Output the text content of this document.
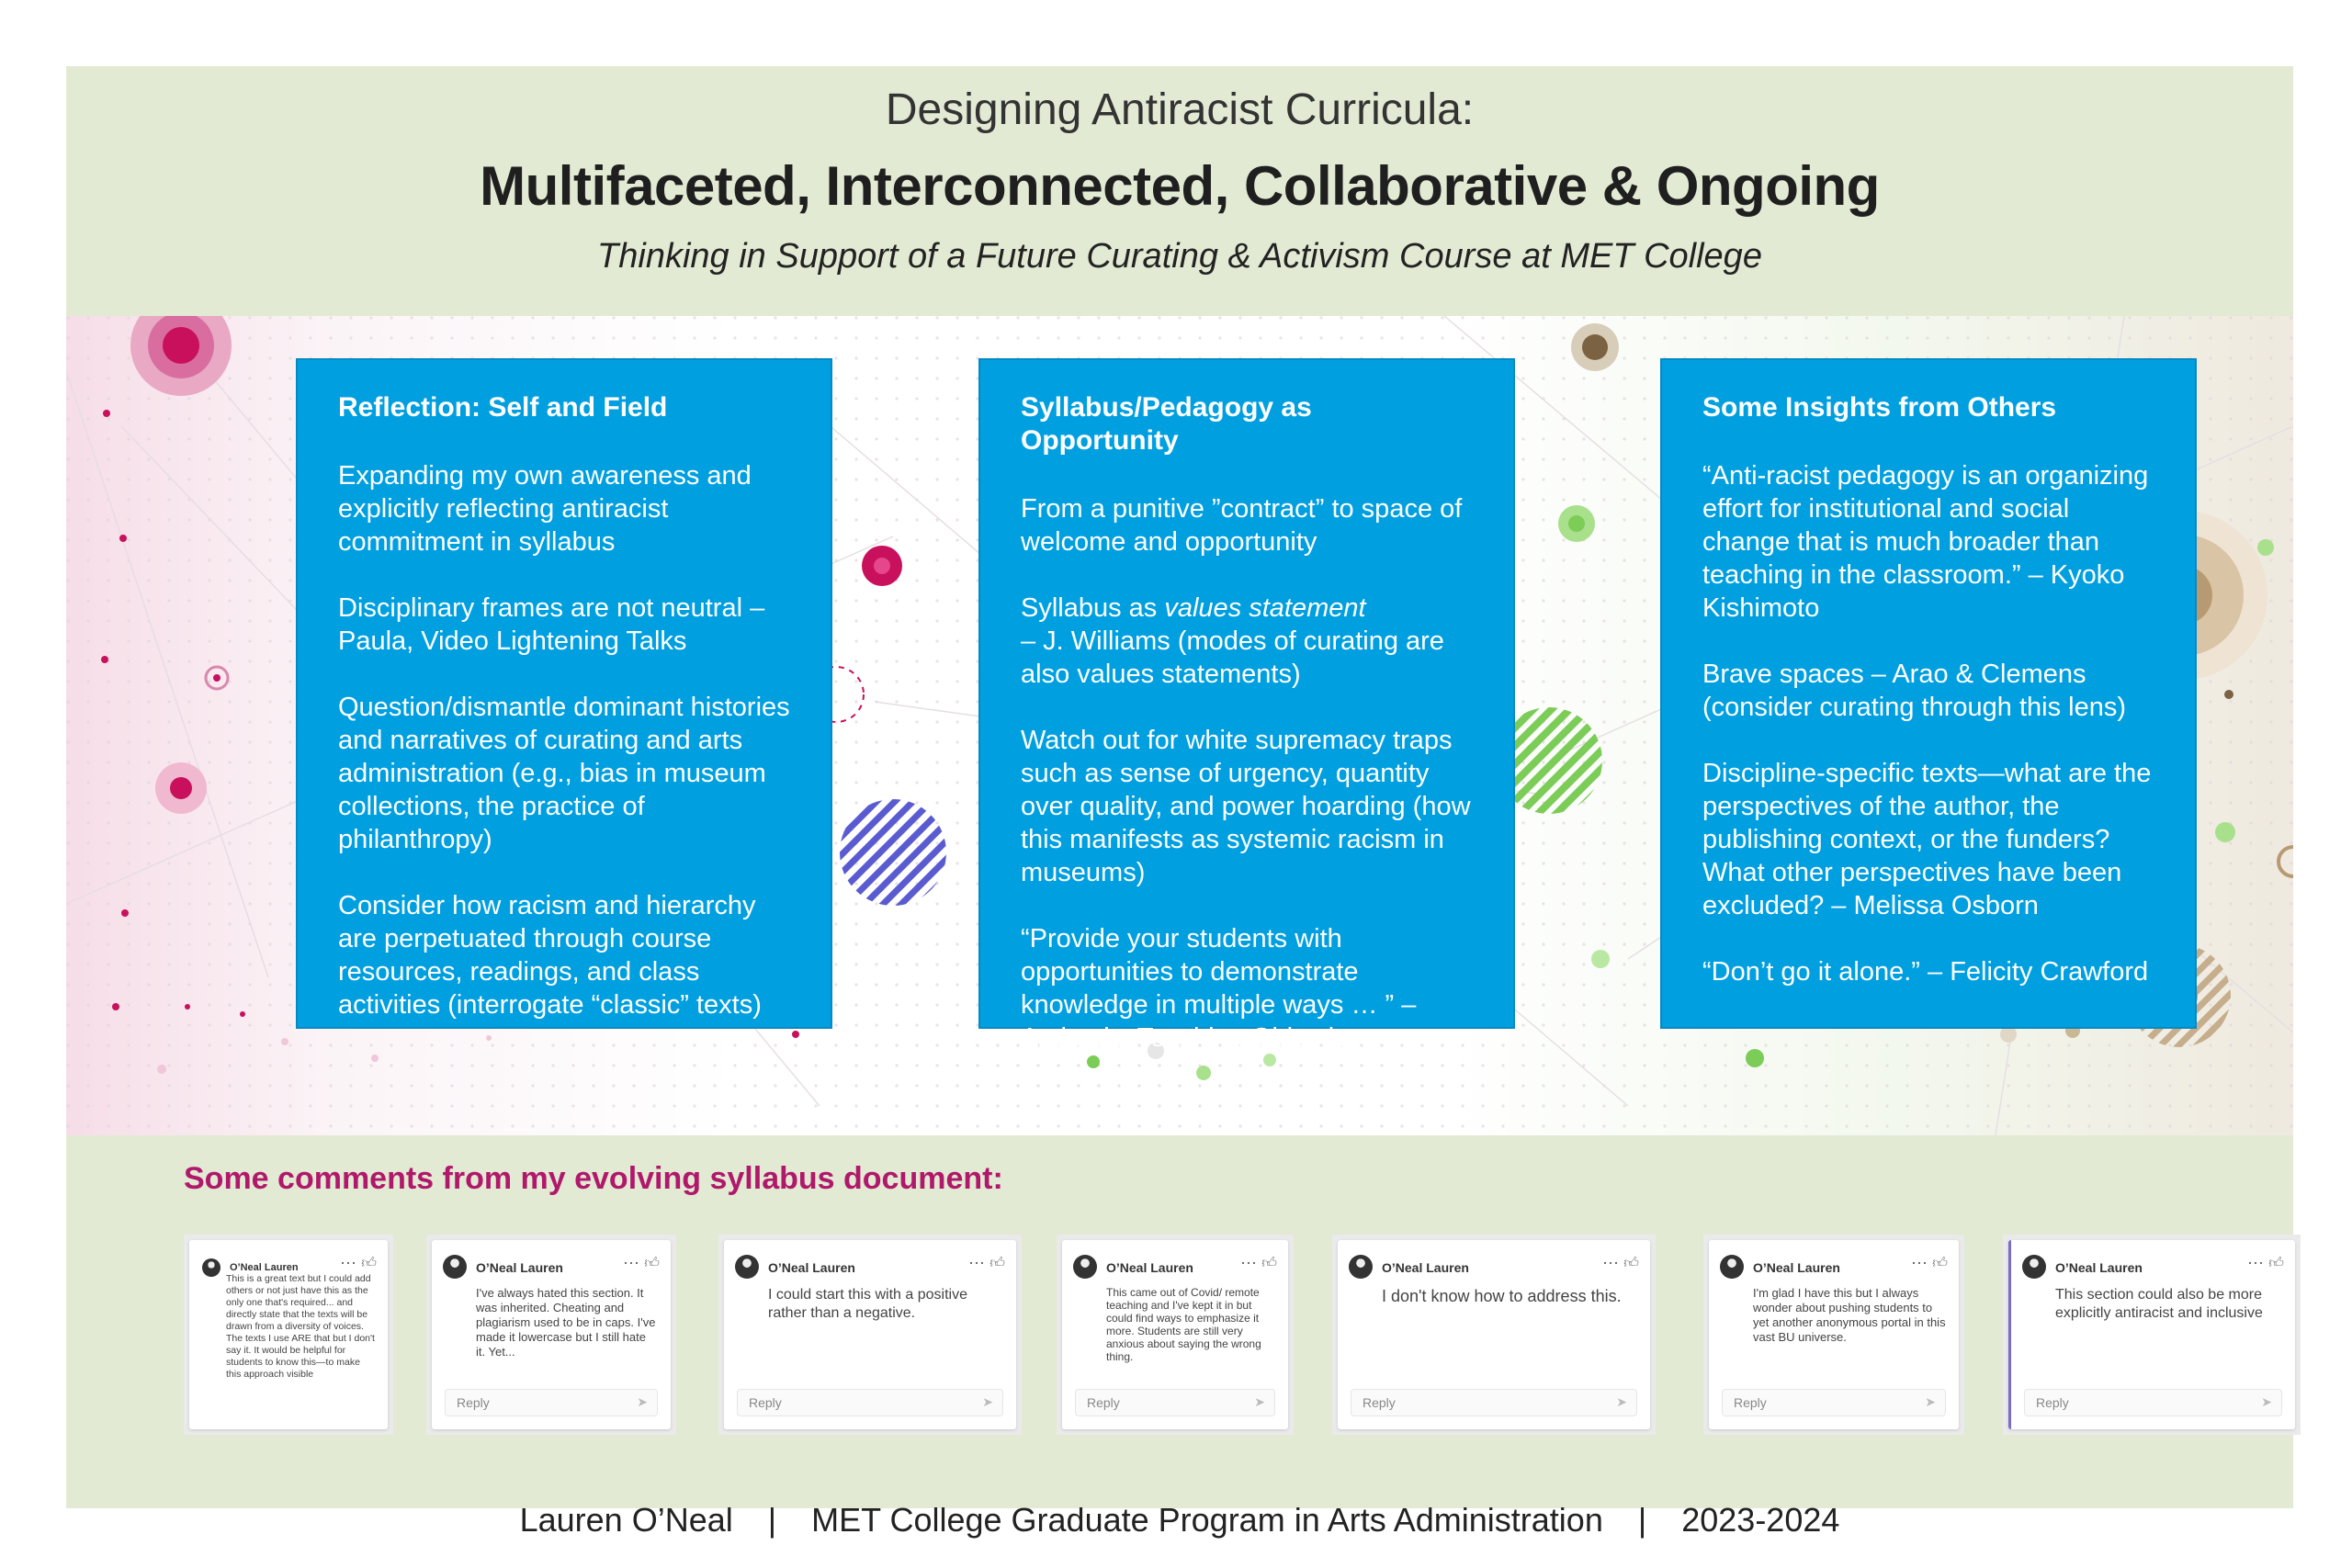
Designing Antiracist Curricula:
Multifaceted, Interconnected, Collaborative & Ongoing
Thinking in Support of a Future Curating & Activism Course at MET College
Reflection: Self and Field

Expanding my own awareness and explicitly reflecting antiracist commitment in syllabus

Disciplinary frames are not neutral – Paula, Video Lightening Talks

Question/dismantle dominant histories and narratives of curating and arts administration (e.g., bias in museum collections, the practice of philanthropy)

Consider how racism and hierarchy are perpetuated through course resources, readings, and class activities (interrogate “classic” texts)

Syllabus/Pedagogy as Opportunity

From a punitive ”contract” to space of welcome and opportunity

Syllabus as values statement
– J. Williams (modes of curating are also values statements)

Watch out for white supremacy traps such as sense of urgency, quantity over quality, and power hoarding (how this manifests as systemic racism in museums)

“Provide your students with opportunities to demonstrate knowledge in multiple ways … ” – Antiracist Teaching Objectives

Some Insights from Others

“Anti-racist pedagogy is an organizing effort for institutional and social change that is much broader than teaching in the classroom.” – Kyoko Kishimoto

Brave spaces – Arao & Clemens (consider curating through this lens)

Discipline-specific texts—what are the perspectives of the author, the publishing context, or the funders? What other perspectives have been excluded? – Melissa Osborn

“Don’t go it alone.” – Felicity Crawford

Some comments from my evolving syllabus document:
O’Neal Lauren	··· 👍︎
This is a great text but I could add others or not just have this as the only one that's required... and directly state that the texts will be drawn from a diversity of voices. The texts I use ARE that but I don't say it. It would be helpful for students to know this—to make this approach visible
O’Neal Lauren	··· 👍︎
I've always hated this section. It was inherited. Cheating and plagiarism used to be in caps. I've made it lowercase but I still hate it. Yet...
Reply	➤
O’Neal Lauren	··· 👍︎
I could start this with a positive rather than a negative.
Reply	➤
O’Neal Lauren	··· 👍︎
This came out of Covid/ remote teaching and I've kept it in but could find ways to emphasize it more. Students are still very anxious about saying the wrong thing.
Reply	➤
O’Neal Lauren	··· 👍︎
I don't know how to address this.
Reply	➤
O’Neal Lauren	··· 👍︎
I'm glad I have this but I always wonder about pushing students to yet another anonymous portal in this vast BU universe.
Reply	➤
O’Neal Lauren	··· 👍︎
This section could also be more explicitly antiracist and inclusive
Reply	➤
Lauren O’Neal | MET College Graduate Program in Arts Administration | 2023-2024
